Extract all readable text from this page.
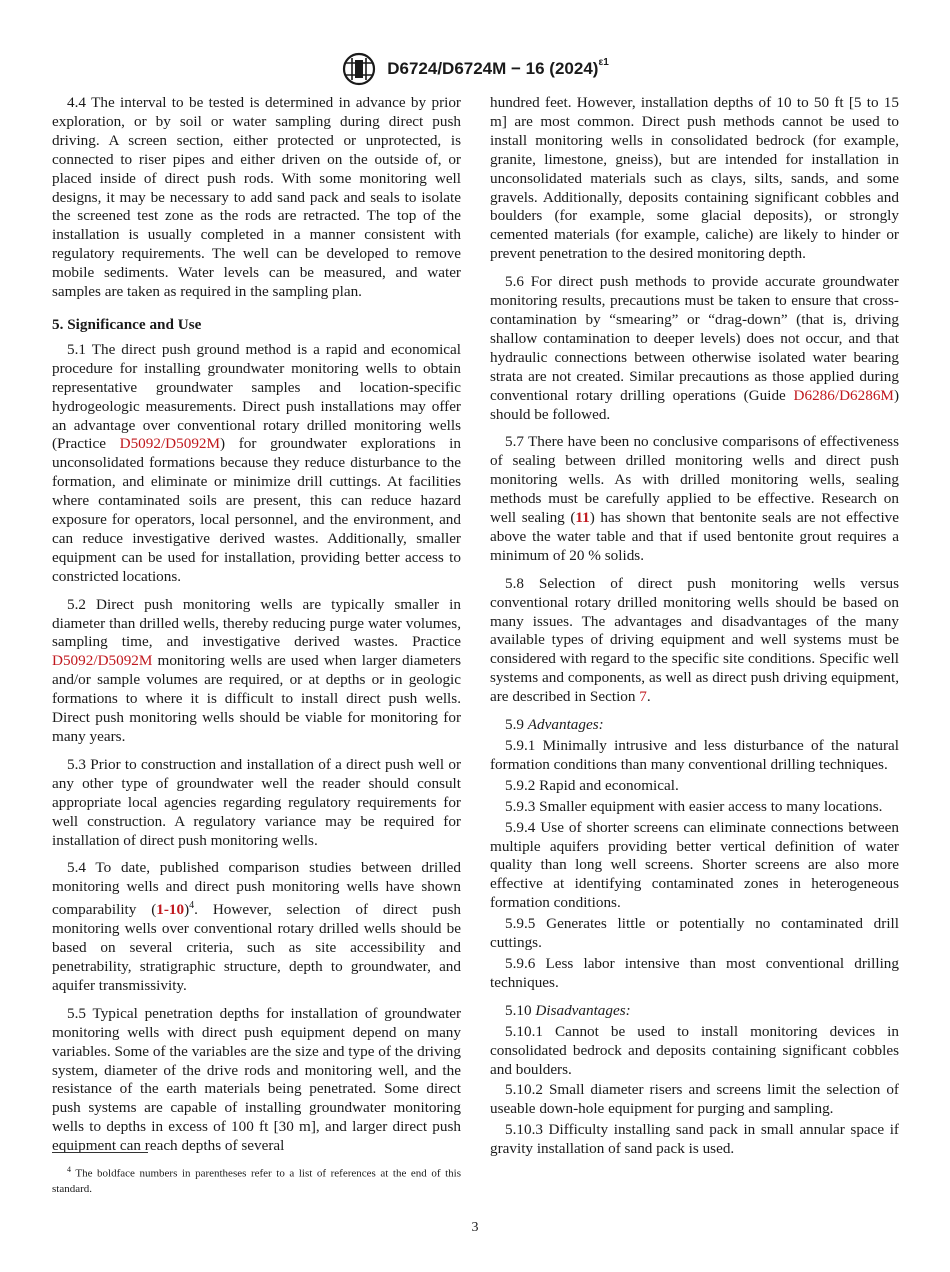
D6724/D6724M − 16 $(2024)^{\varepsilon 1}$

4.4 The interval to be tested is determined in advance by prior exploration, or by soil or water sampling during direct push driving. A screen section, either protected or unprotected, is connected to riser pipes and either driven on the outside of, or placed inside of direct push rods. With some monitoring well designs, it may be necessary to add sand pack and seals to isolate the screened test zone as the rods are retracted. The top of the installation is usually completed in a manner consistent with regulatory requirements. The well can be developed to remove mobile sediments. Water levels can be measured, and water samples are taken as required in the sampling plan.

5. Significance and Use

5.1 The direct push ground method is a rapid and economical procedure for installing groundwater monitoring wells to obtain representative groundwater samples and location-specific hydrogeologic measurements. Direct push installations may offer an advantage over conventional rotary drilled monitoring wells (Practice D5092/D5092M) for groundwater explorations in unconsolidated formations because they reduce disturbance to the formation, and eliminate or minimize drill cuttings. At facilities where contaminated soils are present, this can reduce hazard exposure for operators, local personnel, and the environment, and can reduce investigative derived wastes. Additionally, smaller equipment can be used for installation, providing better access to constricted locations.

5.2 Direct push monitoring wells are typically smaller in diameter than drilled wells, thereby reducing purge water volumes, sampling time, and investigative derived wastes. Practice D5092/D5092M monitoring wells are used when larger diameters and/or sample volumes are required, or at depths or in geologic formations to where it is difficult to install direct push wells. Direct push monitoring wells should be viable for monitoring for many years.

5.3 Prior to construction and installation of a direct push well or any other type of groundwater well the reader should consult appropriate local agencies regarding regulatory requirements for well construction. A regulatory variance may be required for installation of direct push monitoring wells.

5.4 To date, published comparison studies between drilled monitoring wells and direct push monitoring wells have shown comparability (1-10)$^4$. However, selection of direct push monitoring wells over conventional rotary drilled wells should be based on several criteria, such as site accessibility and penetrability, stratigraphic structure, depth to groundwater, and aquifer transmissivity.

5.5 Typical penetration depths for installation of groundwater monitoring wells with direct push equipment depend on many variables. Some of the variables are the size and type of the driving system, diameter of the drive rods and monitoring well, and the resistance of the earth materials being penetrated. Some direct push systems are capable of installing groundwater monitoring wells to depths in excess of 100 ft [30 m], and larger direct push equipment can reach depths of several

hundred feet. However, installation depths of 10 to 50 ft [5 to 15 m] are most common. Direct push methods cannot be used to install monitoring wells in consolidated bedrock (for example, granite, limestone, gneiss), but are intended for installation in unconsolidated materials such as clays, silts, sands, and some gravels. Additionally, deposits containing significant cobbles and boulders (for example, some glacial deposits), or strongly cemented materials (for example, caliche) are likely to hinder or prevent penetration to the desired monitoring depth.

5.6 For direct push methods to provide accurate groundwater monitoring results, precautions must be taken to ensure that cross-contamination by “smearing” or “drag-down” (that is, driving shallow contamination to deeper levels) does not occur, and that hydraulic connections between otherwise isolated water bearing strata are not created. Similar precautions as those applied during conventional rotary drilling operations (Guide D6286/D6286M) should be followed.

5.7 There have been no conclusive comparisons of effectiveness of sealing between drilled monitoring wells and direct push monitoring wells. As with drilled monitoring wells, sealing methods must be carefully applied to be effective. Research on well sealing (11) has shown that bentonite seals are not effective above the water table and that if used bentonite grout requires a minimum of 20 % solids.

5.8 Selection of direct push monitoring wells versus conventional rotary drilled monitoring wells should be based on many issues. The advantages and disadvantages of the many available types of driving equipment and well systems must be considered with regard to the specific site conditions. Specific well systems and components, as well as direct push driving equipment, are described in Section 7.

5.9 Advantages:

5.9.1 Minimally intrusive and less disturbance of the natural formation conditions than many conventional drilling techniques.

5.9.2 Rapid and economical.

5.9.3 Smaller equipment with easier access to many locations.

5.9.4 Use of shorter screens can eliminate connections between multiple aquifers providing better vertical definition of water quality than long well screens. Shorter screens are also more effective at identifying contaminated zones in heterogeneous formation conditions.

5.9.5 Generates little or potentially no contaminated drill cuttings.

5.9.6 Less labor intensive than most conventional drilling techniques.

5.10 Disadvantages:

5.10.1 Cannot be used to install monitoring devices in consolidated bedrock and deposits containing significant cobbles and boulders.

5.10.2 Small diameter risers and screens limit the selection of useable down-hole equipment for purging and sampling.

5.10.3 Difficulty installing sand pack in small annular space if gravity installation of sand pack is used.

$^4$ The boldface numbers in parentheses refer to a list of references at the end of this standard.
3
